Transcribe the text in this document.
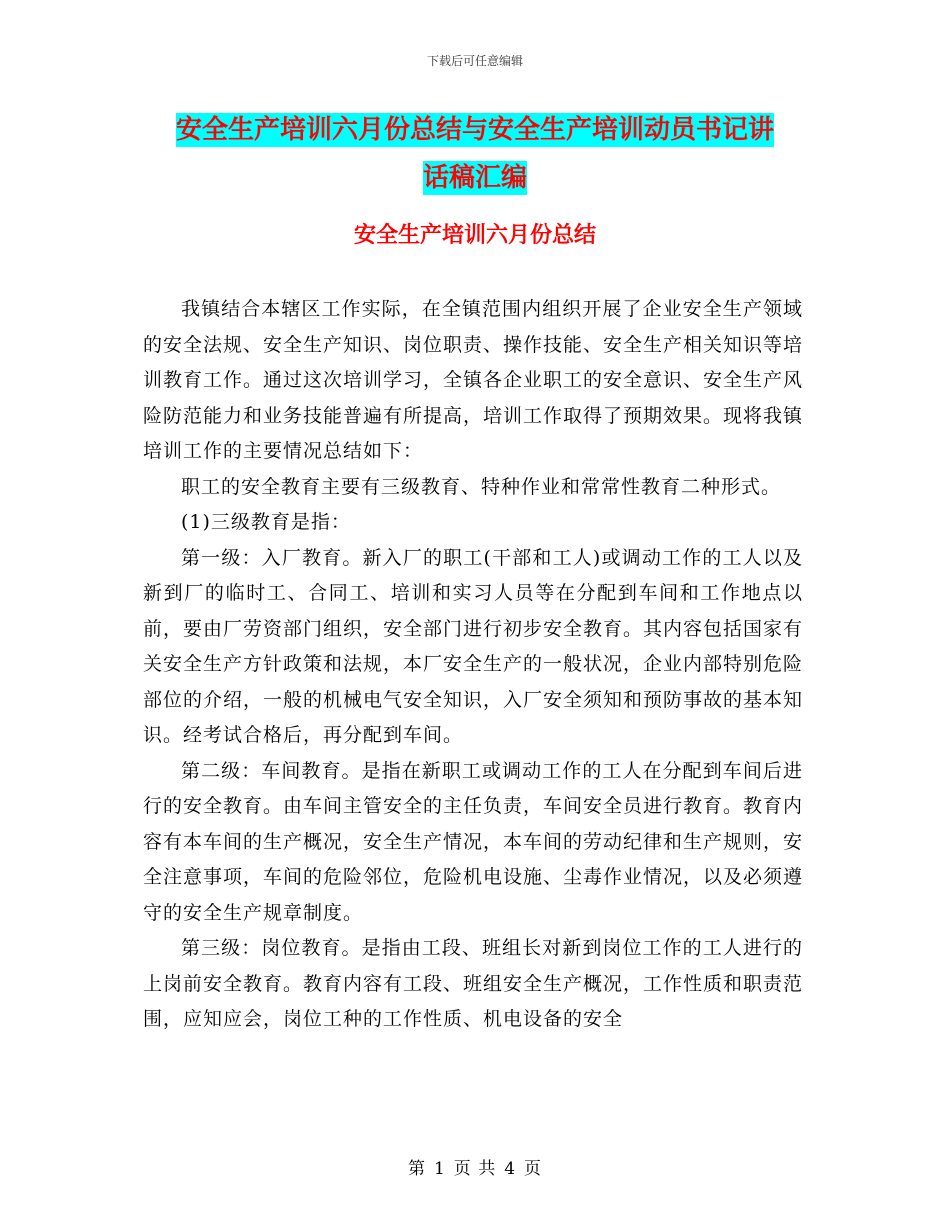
下载后可任意编辑
安全生产培训六月份总结与安全生产培训动员书记讲
话稿汇编
安全生产培训六月份总结

我镇结合本辖区工作实际，在全镇范围内组织开展了企业安全生产领域的安全法规、安全生产知识、岗位职责、操作技能、安全生产相关知识等培训教育工作。通过这次培训学习，全镇各企业职工的安全意识、安全生产风险防范能力和业务技能普遍有所提高，培训工作取得了预期效果。现将我镇培训工作的主要情况总结如下：

职工的安全教育主要有三级教育、特种作业和常常性教育二种形式。

(1)三级教育是指：

第一级：入厂教育。新入厂的职工(干部和工人)或调动工作的工人以及新到厂的临时工、合同工、培训和实习人员等在分配到车间和工作地点以前，要由厂劳资部门组织，安全部门进行初步安全教育。其内容包括国家有关安全生产方针政策和法规，本厂安全生产的一般状况，企业内部特别危险部位的介绍，一般的机械电气安全知识，入厂安全须知和预防事故的基本知识。经考试合格后，再分配到车间。

第二级：车间教育。是指在新职工或调动工作的工人在分配到车间后进行的安全教育。由车间主管安全的主任负责，车间安全员进行教育。教育内容有本车间的生产概况，安全生产情况，本车间的劳动纪律和生产规则，安全注意事项，车间的危险邻位，危险机电设施、尘毒作业情况，以及必须遵守的安全生产规章制度。

第三级：岗位教育。是指由工段、班组长对新到岗位工作的工人进行的上岗前安全教育。教育内容有工段、班组安全生产概况，工作性质和职责范围，应知应会，岗位工种的工作性质、机电设备的安全

第 1 页 共 4 页
